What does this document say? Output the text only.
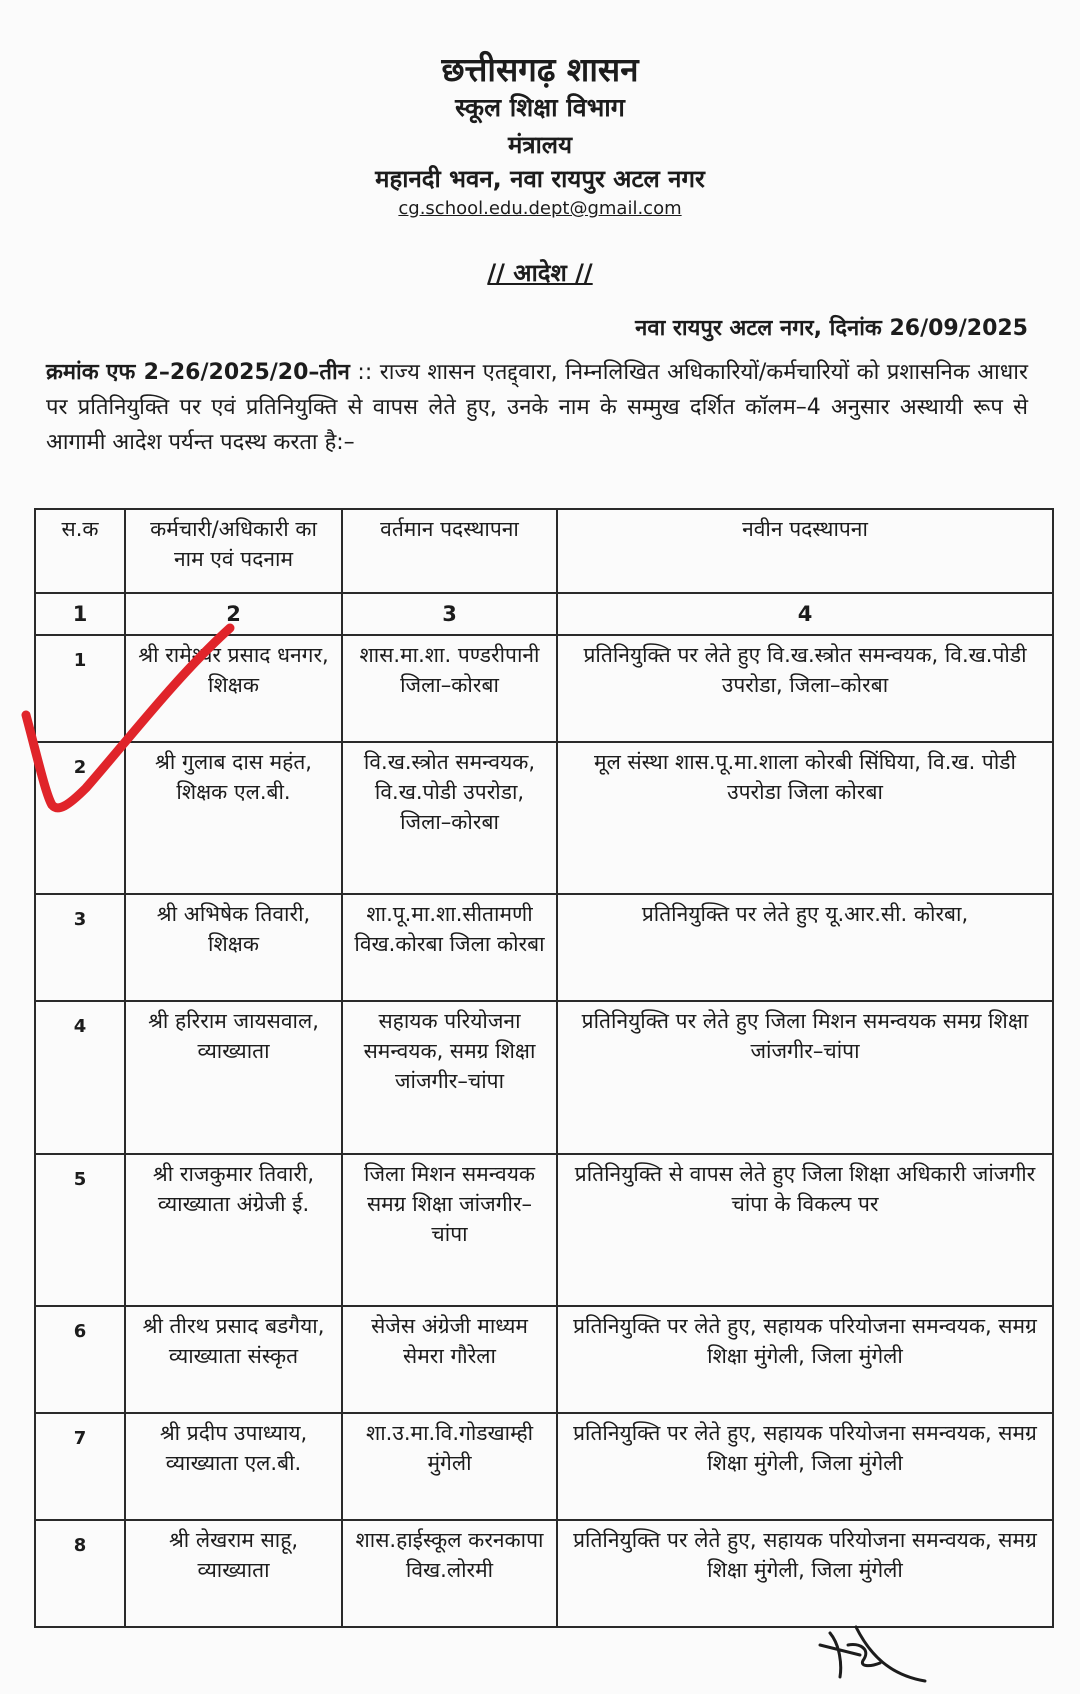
छत्तीसगढ़ शासन
स्कूल शिक्षा विभाग
मंत्रालय
महानदी भवन, नवा रायपुर अटल नगर
cg.school.edu.dept@gmail.com
// आदेश //
नवा रायपुर अटल नगर, दिनांक 26/09/2025
क्रमांक एफ 2–26/2025/20–तीन :: राज्य शासन एतद्द्वारा, निम्नलिखित अधिकारियों/कर्मचारियों को प्रशासनिक आधार पर प्रतिनियुक्ति पर एवं प्रतिनियुक्ति से वापस लेते हुए, उनके नाम के सम्मुख दर्शित कॉलम–4 अनुसार अस्थायी रूप से आगामी आदेश पर्यन्त पदस्थ करता है:–
स.क	कर्मचारी/अधिकारी का नाम एवं पदनाम	वर्तमान पदस्थापना	नवीन पदस्थापना
1	2	3	4
1	श्री रामेश्वर प्रसाद धनगर, शिक्षक	शास.मा.शा. पण्डरीपानी जिला–कोरबा	प्रतिनियुक्ति पर लेते हुए वि.ख.स्त्रोत समन्वयक, वि.ख.पोडी उपरोडा, जिला–कोरबा
2	श्री गुलाब दास महंत, शिक्षक एल.बी.	वि.ख.स्त्रोत समन्वयक, वि.ख.पोडी उपरोडा, जिला–कोरबा	मूल संस्था शास.पू.मा.शाला कोरबी सिंघिया, वि.ख. पोडी उपरोडा जिला कोरबा
3	श्री अभिषेक तिवारी, शिक्षक	शा.पू.मा.शा.सीतामणी विख.कोरबा जिला कोरबा	प्रतिनियुक्ति पर लेते हुए यू.आर.सी. कोरबा,
4	श्री हरिराम जायसवाल, व्याख्याता	सहायक परियोजना समन्वयक, समग्र शिक्षा जांजगीर–चांपा	प्रतिनियुक्ति पर लेते हुए जिला मिशन समन्वयक समग्र शिक्षा जांजगीर–चांपा
5	श्री राजकुमार तिवारी, व्याख्याता अंग्रेजी ई.	जिला मिशन समन्वयक समग्र शिक्षा जांजगीर–चांपा	प्रतिनियुक्ति से वापस लेते हुए जिला शिक्षा अधिकारी जांजगीर चांपा के विकल्प पर
6	श्री तीरथ प्रसाद बडगैया, व्याख्याता संस्कृत	सेजेस अंग्रेजी माध्यम सेमरा गौरेला	प्रतिनियुक्ति पर लेते हुए, सहायक परियोजना समन्वयक, समग्र शिक्षा मुंगेली, जिला मुंगेली
7	श्री प्रदीप उपाध्याय, व्याख्याता एल.बी.	शा.उ.मा.वि.गोडखाम्ही मुंगेली	प्रतिनियुक्ति पर लेते हुए, सहायक परियोजना समन्वयक, समग्र शिक्षा मुंगेली, जिला मुंगेली
8	श्री लेखराम साहू, व्याख्याता	शास.हाईस्कूल करनकापा विख.लोरमी	प्रतिनियुक्ति पर लेते हुए, सहायक परियोजना समन्वयक, समग्र शिक्षा मुंगेली, जिला मुंगेली
